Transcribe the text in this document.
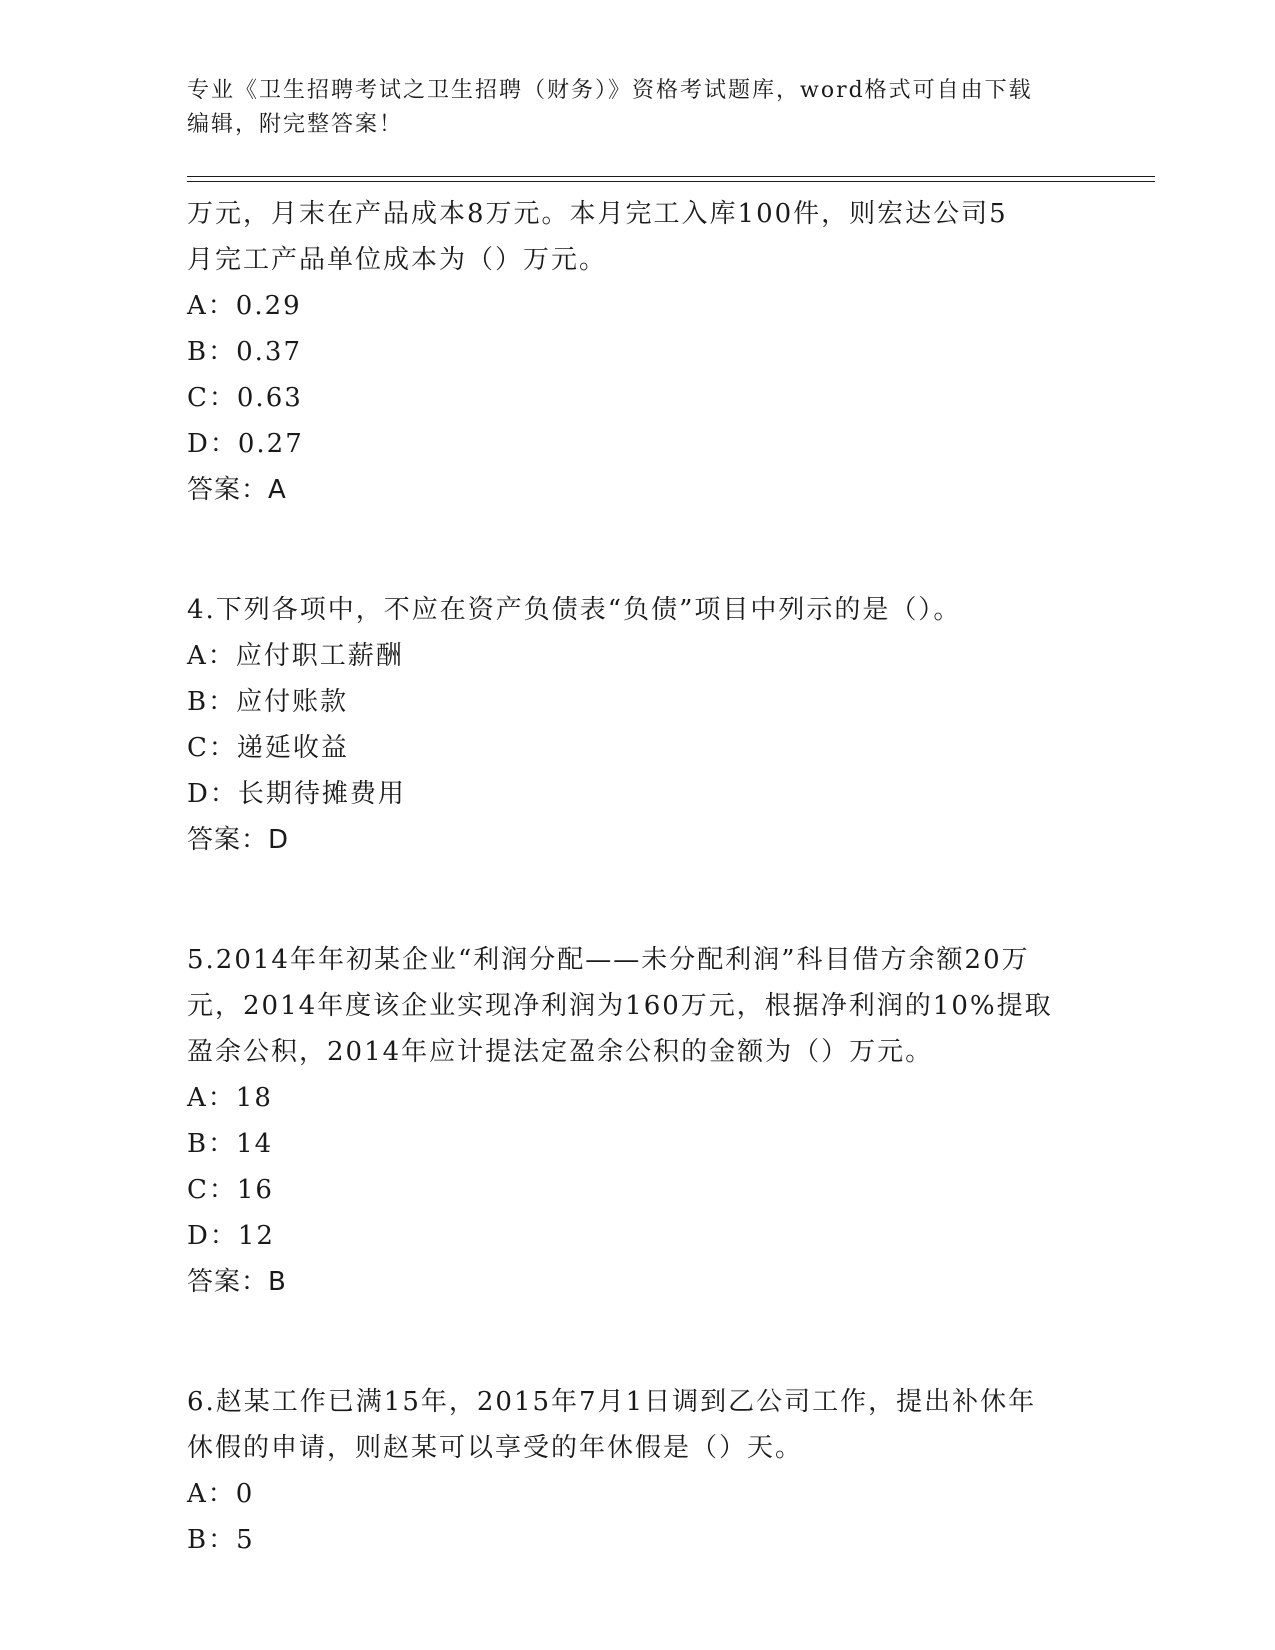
专业《卫生招聘考试之卫生招聘（财务）》资格考试题库，word格式可自由下载
编辑，附完整答案！
万元，月末在产品成本8万元。本月完工入库100件，则宏达公司5
月完工产品单位成本为（）万元。
A：0.29
B：0.37
C：0.63
D：0.27
答案：A
4.下列各项中，不应在资产负债表“负债”项目中列示的是（）。
A：应付职工薪酬
B：应付账款
C：递延收益
D：长期待摊费用
答案：D
5.2014年年初某企业“利润分配——未分配利润”科目借方余额20万
元，2014年度该企业实现净利润为160万元，根据净利润的10%提取
盈余公积，2014年应计提法定盈余公积的金额为（）万元。
A：18
B：14
C：16
D：12
答案：B
6.赵某工作已满15年，2015年7月1日调到乙公司工作，提出补休年
休假的申请，则赵某可以享受的年休假是（）天。
A：0
B：5
